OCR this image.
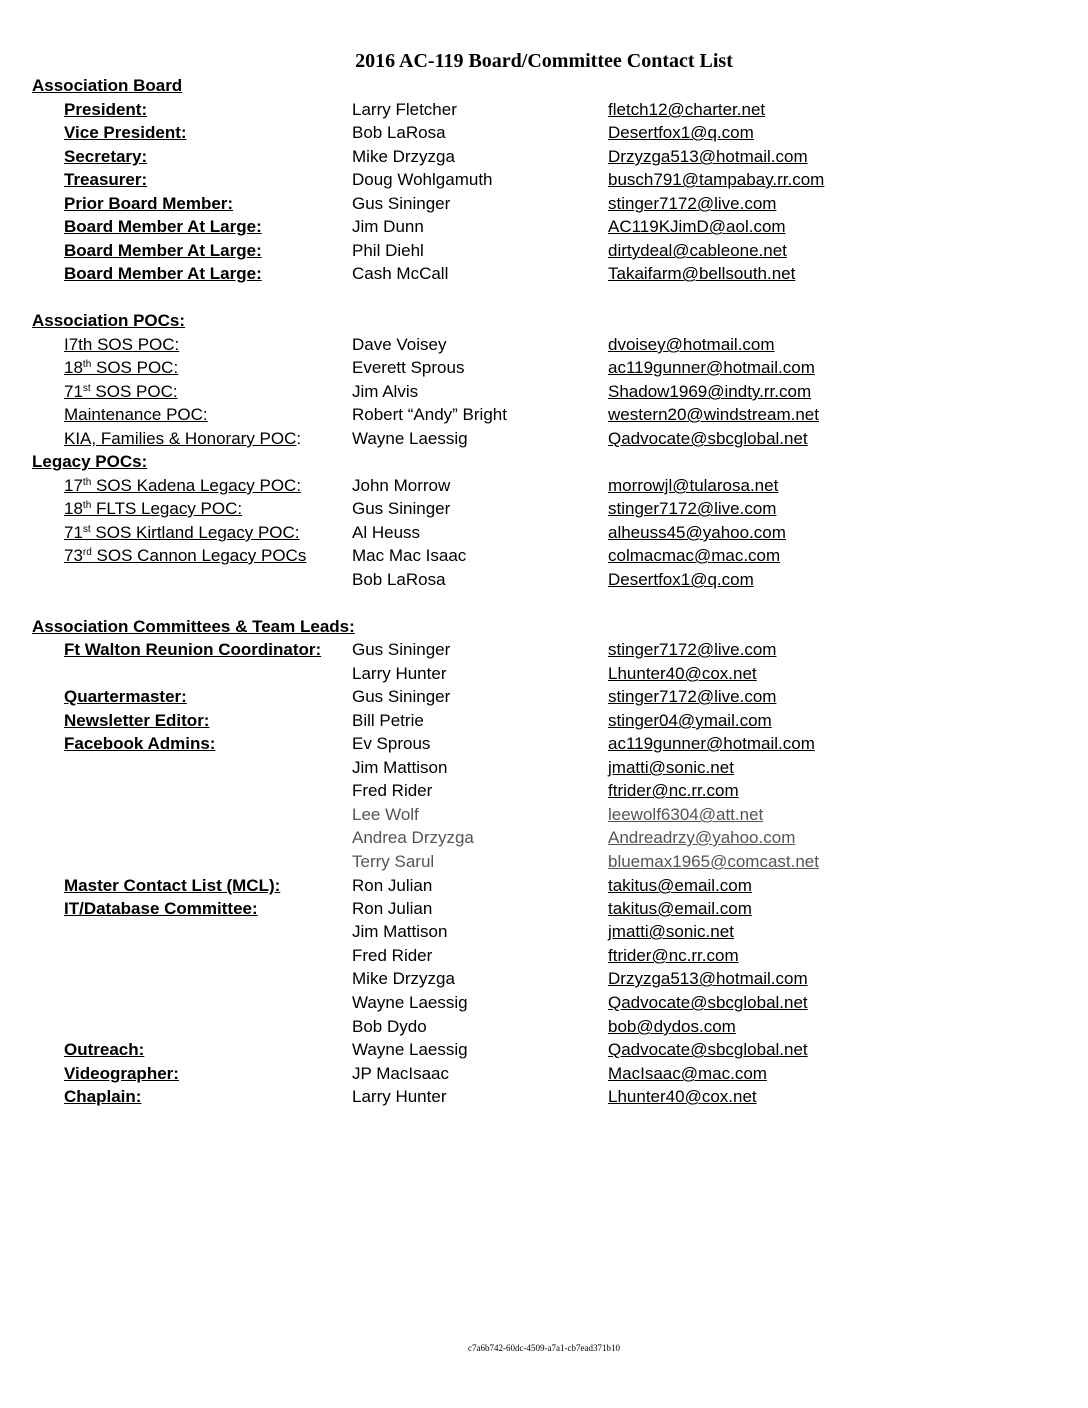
2016 AC-119 Board/Committee Contact List
Association Board
President:	Larry Fletcher	fletch12@charter.net
Vice President:	Bob LaRosa	Desertfox1@q.com
Secretary:	Mike Drzyzga	Drzyzga513@hotmail.com
Treasurer:	Doug Wohlgamuth	busch791@tampabay.rr.com
Prior Board Member:	Gus Sininger	stinger7172@live.com
Board Member At Large:	Jim Dunn	AC119KJimD@aol.com
Board Member At Large:	Phil Diehl	dirtydeal@cableone.net
Board Member At Large:	Cash McCall	Takaifarm@bellsouth.net
Association POCs:
I7th SOS POC:	Dave Voisey	dvoisey@hotmail.com
18th SOS POC:	Everett Sprous	ac119gunner@hotmail.com
71st SOS POC:	Jim Alvis	Shadow1969@indty.rr.com
Maintenance POC:	Robert “Andy” Bright	western20@windstream.net
KIA, Families & Honorary POC:	Wayne Laessig	Qadvocate@sbcglobal.net
Legacy POCs:
17th SOS Kadena Legacy POC:	John Morrow	morrowjl@tularosa.net
18th FLTS Legacy POC:	Gus Sininger	stinger7172@live.com
71st SOS Kirtland Legacy POC:	Al Heuss	alheuss45@yahoo.com
73rd SOS Cannon Legacy POCs	Mac Mac Isaac	colmacmac@mac.com
Bob LaRosa	Desertfox1@q.com
Association Committees & Team Leads:
Ft Walton Reunion Coordinator: Gus Sininger	stinger7172@live.com
Larry Hunter	Lhunter40@cox.net
Quartermaster:	Gus Sininger	stinger7172@live.com
Newsletter Editor:	Bill Petrie	stinger04@ymail.com
Facebook Admins:	Ev Sprous	ac119gunner@hotmail.com
Jim Mattison	jmatti@sonic.net
Fred Rider	ftrider@nc.rr.com
Lee Wolf	leewolf6304@att.net
Andrea Drzyzga	Andreadrzy@yahoo.com
Terry Sarul	bluemax1965@comcast.net
Master Contact List (MCL):	Ron Julian	takitus@email.com
IT/Database Committee:	Ron Julian	takitus@email.com
Jim Mattison	jmatti@sonic.net
Fred Rider	ftrider@nc.rr.com
Mike Drzyzga	Drzyzga513@hotmail.com
Wayne Laessig	Qadvocate@sbcglobal.net
Bob Dydo	bob@dydos.com
Outreach:	Wayne Laessig	Qadvocate@sbcglobal.net
Videographer:	JP MacIsaac	MacIsaac@mac.com
Chaplain:	Larry Hunter	Lhunter40@cox.net
c7a6b742-60dc-4509-a7a1-cb7ead371b10
